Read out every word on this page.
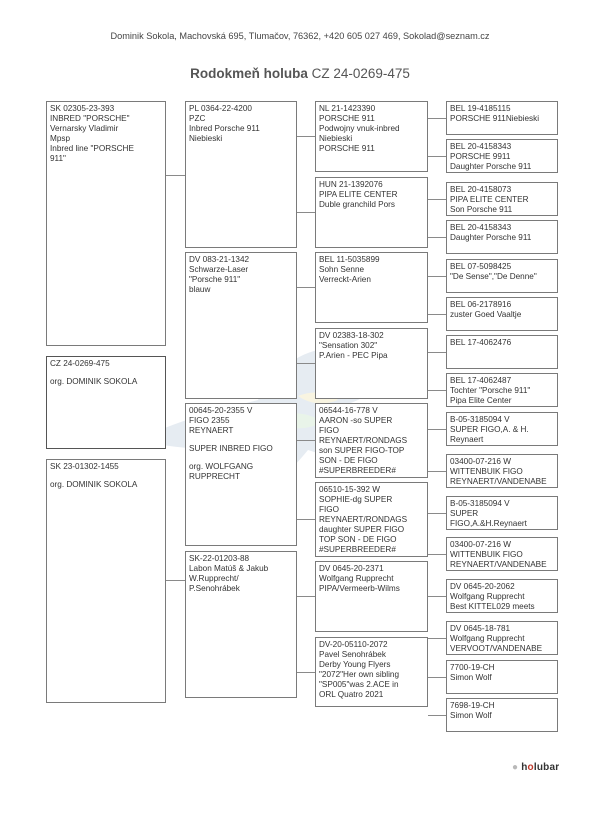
Dominik Sokola, Machovská 695, Tlumačov, 76362, +420 605 027 469, Sokolad@seznam.cz
Rodokmeň holuba CZ 24-0269-475
SK 02305-23-393
INBRED "PORSCHE"
Vernarsky Vladimir
Mpsp
Inbred line "PORSCHE
911"
CZ 24-0269-475
org. DOMINIK SOKOLA
SK 23-01302-1455
org. DOMINIK SOKOLA
PL 0364-22-4200
PZC
Inbred Porsche 911
Niebieski
DV 083-21-1342
Schwarze-Laser
"Porsche 911"
blauw
00645-20-2355 V
FIGO 2355
REYNAERT
SUPER INBRED FIGO
org. WOLFGANG
RUPPRECHT
SK-22-01203-88
Labon Matúš & Jakub
W.Rupprecht/
P.Senohrábek
NL 21-1423390
PORSCHE 911
Podwojny vnuk-inbred
Niebieski
PORSCHE 911
HUN 21-1392076
PIPA ELITE CENTER
Duble granchild Pors
BEL 11-5035899
Sohn Senne
Verreckt-Arien
DV 02383-18-302
"Sensation 302"
P.Arien - PEC Pipa
06544-16-778 V
AARON -so SUPER
FIGO
REYNAERT/RONDAGS
son SUPER FIGO-TOP
SON - DE FIGO
#SUPERBREEDER#
06510-15-392 W
SOPHIE-dg SUPER
FIGO
REYNAERT/RONDAGS
daughter SUPER FIGO
TOP SON - DE FIGO
#SUPERBREEDER#
DV 0645-20-2371
Wolfgang Rupprecht
PIPA/Vermeerb-Wilms
DV-20-05110-2072
Pavel Senohrábek
Derby Young Flyers
"2072"Her own sibling
"SP005"was 2.ACE in
ORL Quatro 2021
BEL 19-4185115
PORSCHE 911Niebieski
BEL 20-4158343
PORSCHE 9911
Daughter Porsche 911
BEL 20-4158073
PIPA ELITE CENTER
Son Porsche 911
BEL 20-4158343
Daughter Porsche 911
BEL 07-5098425
"De Sense","De Denne"
BEL 06-2178916
zuster Goed Vaaltje
BEL 17-4062476
BEL 17-4062487
Tochter "Porsche 911"
Pipa Elite Center
B-05-3185094 V
SUPER FIGO,A. & H.
Reynaert
03400-07-216 W
WITTENBUIK FIGO
REYNAERT/VANDENABE
B-05-3185094 V
SUPER
FIGO,A.&H.Reynaert
03400-07-216 W
WITTENBUIK FIGO
REYNAERT/VANDENABE
DV 0645-20-2062
Wolfgang Rupprecht
Best KITTEL029 meets
DV 0645-18-781
Wolfgang Rupprecht
VERVOOT/VANDENABE
7700-19-CH
Simon Wolf
7698-19-CH
Simon Wolf
● holubar
